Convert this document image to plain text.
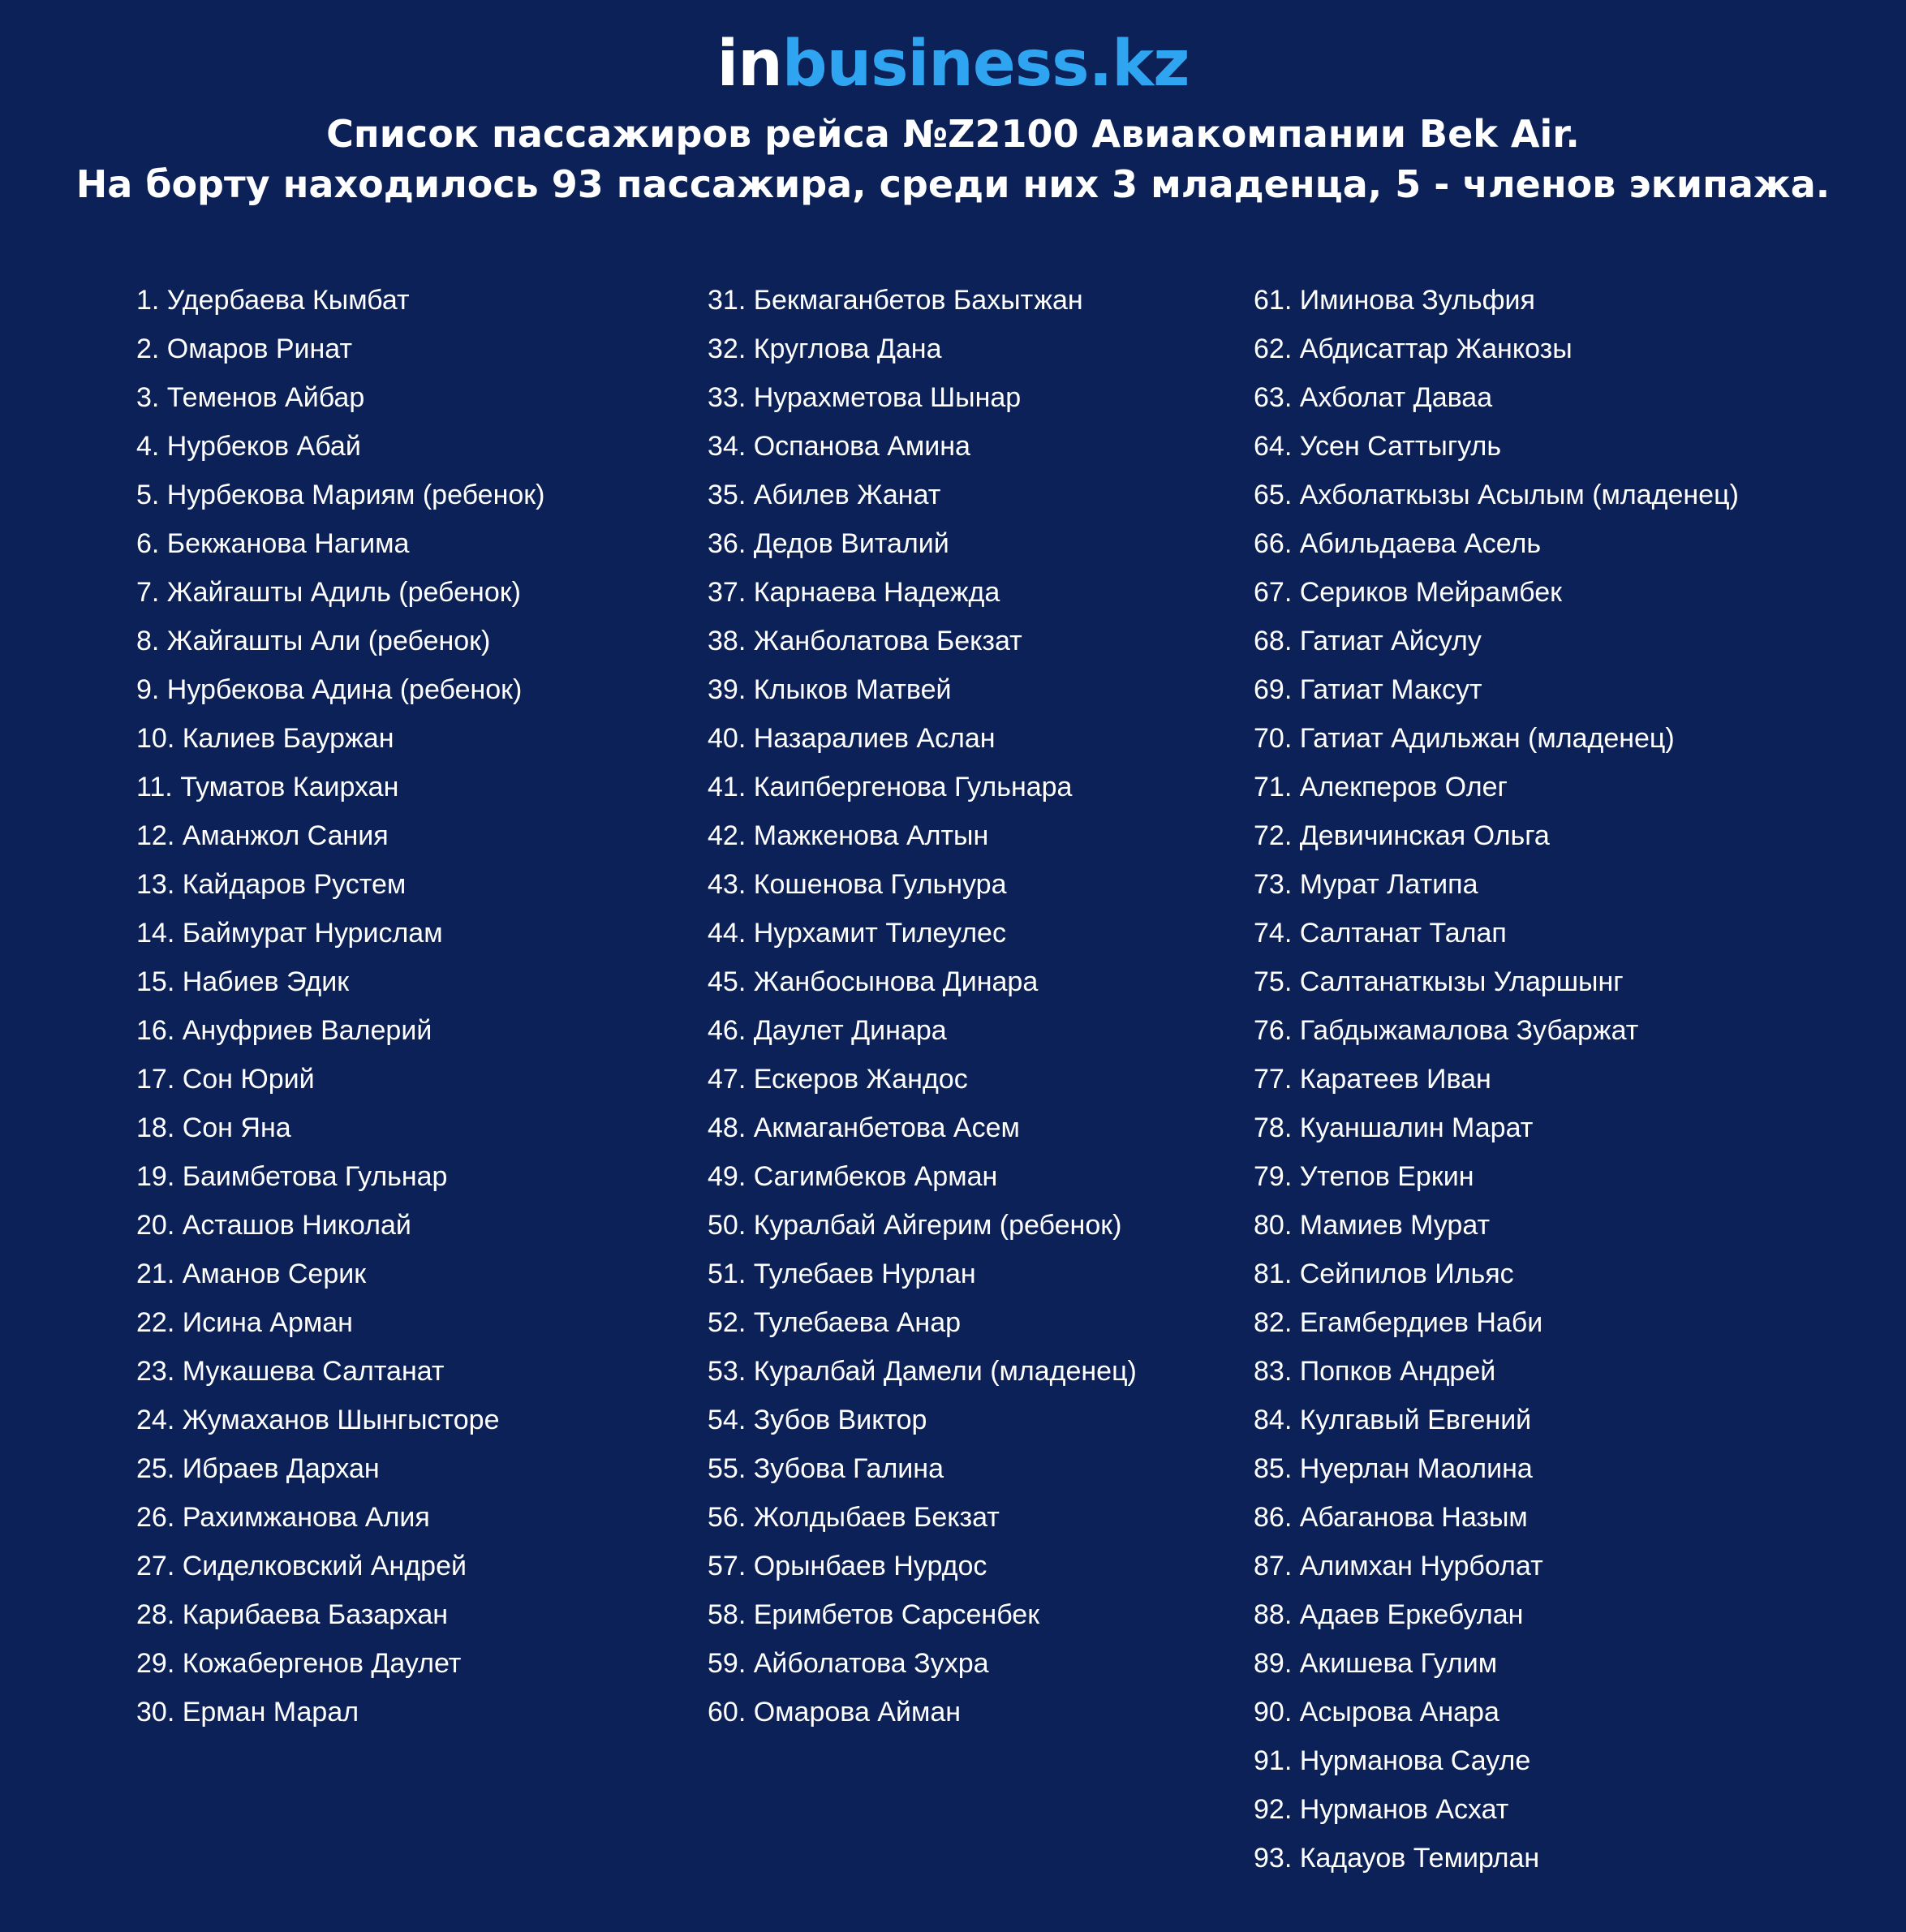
inbusiness.kz
Список пассажиров рейса №Z2100 Авиакомпании Bek Air.
На борту находилось 93 пассажира, среди них 3 младенца, 5 - членов экипажа.
1. Удербаева Кымбат
2. Омаров Ринат
3. Теменов Айбар
4. Нурбеков Абай
5. Нурбекова Мариям (ребенок)
6. Бекжанова Нагима
7. Жайгашты Адиль (ребенок)
8. Жайгашты Али (ребенок)
9. Нурбекова Адина (ребенок)
10. Калиев Бауржан
11. Туматов Каирхан
12. Аманжол Сания
13. Кайдаров Рустем
14. Баймурат Нурислам
15. Набиев Эдик
16. Ануфриев Валерий
17. Сон Юрий
18. Сон Яна
19. Баимбетова Гульнар
20. Асташов Николай
21. Аманов Серик
22. Исина Арман
23. Мукашева Салтанат
24. Жумаханов Шынгысторе
25. Ибраев Дархан
26. Рахимжанова Алия
27. Сиделковский Андрей
28. Карибаева Базархан
29. Кожабергенов Даулет
30. Ерман Марал
31. Бекмаганбетов Бахытжан
32. Круглова Дана
33. Нурахметова Шынар
34. Оспанова Амина
35. Абилев Жанат
36. Дедов Виталий
37. Карнаева Надежда
38. Жанболатова Бекзат
39. Клыков Матвей
40. Назаралиев Аслан
41. Каипбергенова Гульнара
42. Мажкенова Алтын
43. Кошенова Гульнура
44. Нурхамит Тилеулес
45. Жанбосынова Динара
46. Даулет Динара
47. Ескеров Жандос
48. Акмаганбетова Асем
49. Сагимбеков Арман
50. Куралбай Айгерим (ребенок)
51. Тулебаев Нурлан
52. Тулебаева Анар
53. Куралбай Дамели (младенец)
54. Зубов Виктор
55. Зубова Галина
56. Жолдыбаев Бекзат
57. Орынбаев Нурдос
58. Еримбетов Сарсенбек
59. Айболатова Зухра
60. Омарова Айман
61. Иминова Зульфия
62. Абдисаттар Жанкозы
63. Ахболат Даваа
64. Усен Саттыгуль
65. Ахболаткызы Асылым (младенец)
66. Абильдаева Асель
67. Сериков Мейрамбек
68. Гатиат Айсулу
69. Гатиат Максут
70. Гатиат Адильжан (младенец)
71. Алекперов Олег
72. Девичинская Ольга
73. Мурат Латипа
74. Салтанат Талап
75. Салтанаткызы Уларшынг
76. Габдыжамалова Зубаржат
77. Каратеев Иван
78. Куаншалин Марат
79. Утепов Еркин
80. Мамиев Мурат
81. Сейпилов Ильяс
82. Егамбердиев Наби
83. Попков Андрей
84. Кулгавый Евгений
85. Нуерлан Маолина
86. Абаганова Назым
87. Алимхан Нурболат
88. Адаев Еркебулан
89. Акишева Гулим
90. Асырова Анара
91. Нурманова Сауле
92. Нурманов Асхат
93. Кадауов Темирлан
